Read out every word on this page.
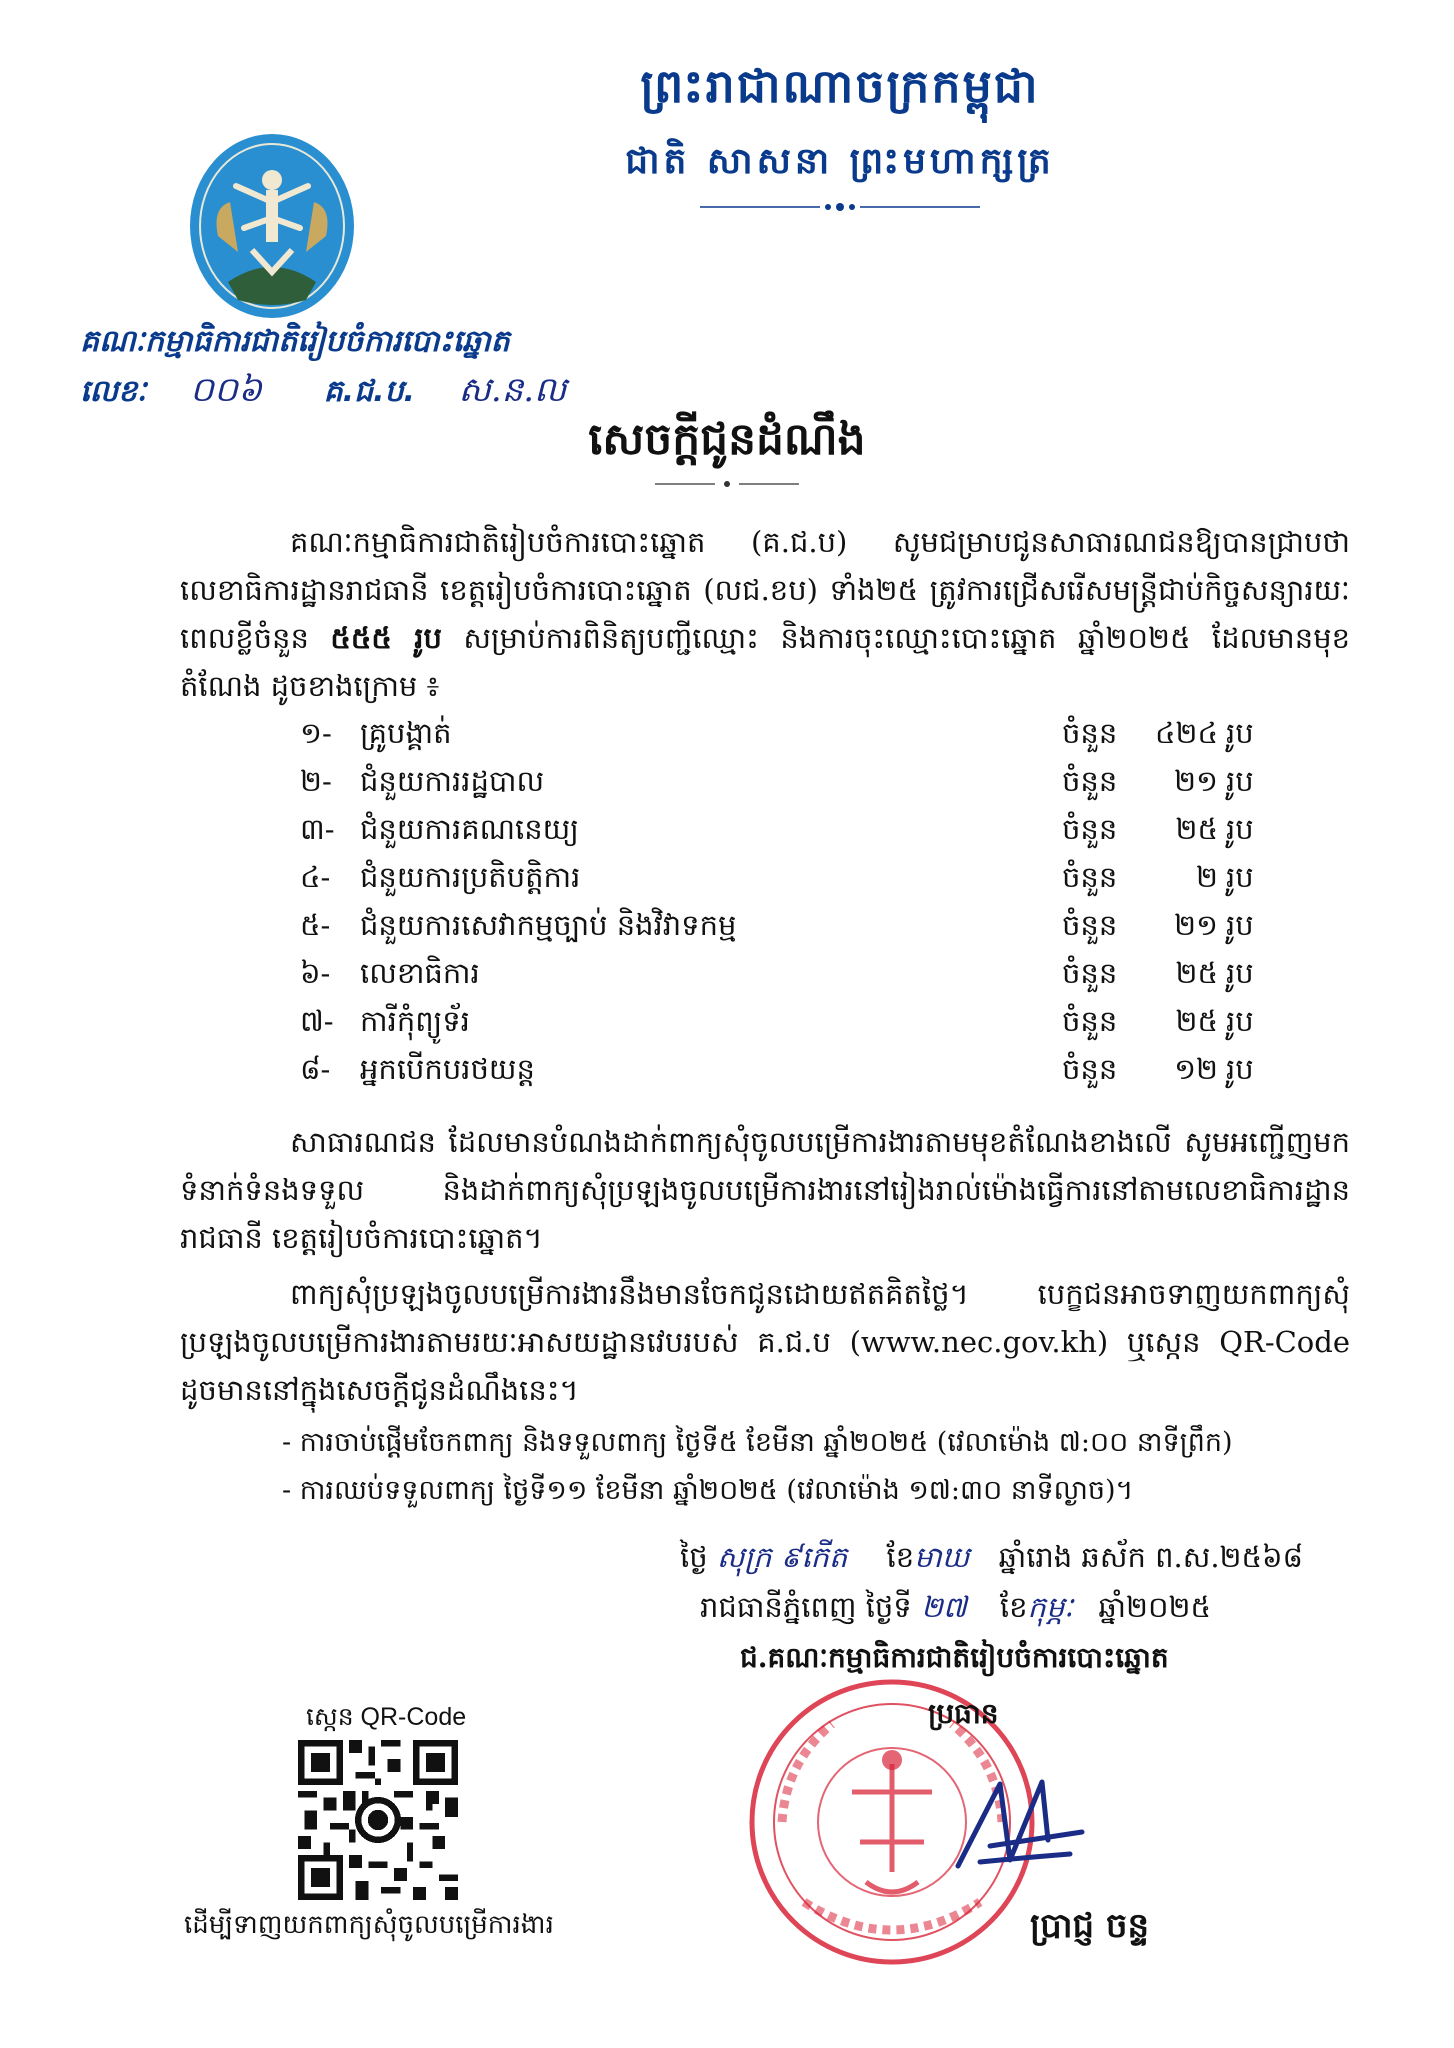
ព្រះរាជាណាចក្រកម្ពុជា
ជាតិ សាសនា ព្រះមហាក្សត្រ
គណៈកម្មាធិការជាតិរៀបចំការបោះឆ្នោត
លេខៈ ០០៦ គ.ជ.ប. ស.ន.ល
សេចក្តីជូនដំណឹង
គណៈកម្មាធិការជាតិរៀបចំការបោះឆ្នោត (គ.ជ.ប) សូមជម្រាបជូនសាធារណជនឱ្យបានជ្រាបថា លេខាធិការដ្ឋានរាជធានី ខេត្តរៀបចំការបោះឆ្នោត (លជ.ខប) ទាំង២៥ ត្រូវការជ្រើសរើសមន្ត្រីជាប់កិច្ចសន្យារយៈពេលខ្លីចំនួន ៥៥៥ រូប សម្រាប់ការពិនិត្យបញ្ជីឈ្មោះ និងការចុះឈ្មោះបោះឆ្នោត ឆ្នាំ២០២៥ ដែលមានមុខតំណែង ដូចខាងក្រោម ៖
១- គ្រូបង្គាត់	ចំនួន ៤២៤ រូប
២- ជំនួយការរដ្ឋបាល	ចំនួន ២១ រូប
៣- ជំនួយការគណនេយ្យ	ចំនួន ២៥ រូប
៤-	ជំនួយការប្រតិបត្តិការ	ចំនួន	២ រូប
៥-	ជំនួយការសេវាកម្មច្បាប់ និងវិវាទកម្ម	ចំនួន ២១ រូប
៦-	លេខាធិការ	ចំនួន ២៥ រូប
៧- ការីកុំព្យូទ័រ	ចំនួន ២៥ រូប
៨-	អ្នកបើកបរថយន្ត	ចំនួន ១២ រូប
សាធារណជន ដែលមានបំណងដាក់ពាក្យសុំចូលបម្រើការងារតាមមុខតំណែងខាងលើ សូមអញ្ជើញមកទំនាក់ទំនងទទួល និងដាក់ពាក្យសុំប្រឡងចូលបម្រើការងារនៅរៀងរាល់ម៉ោងធ្វើការនៅតាមលេខាធិការដ្ឋានរាជធានី ខេត្តរៀបចំការបោះឆ្នោត។
ពាក្យសុំប្រឡងចូលបម្រើការងារនឹងមានចែកជូនដោយឥតគិតថ្លៃ។ បេក្ខជនអាចទាញយកពាក្យសុំប្រឡងចូលបម្រើការងារតាមរយៈអាសយដ្ឋានវេបរបស់ គ.ជ.ប (www.nec.gov.kh) ឬស្កេន QR-Code ដូចមាននៅក្នុងសេចក្តីជូនដំណឹងនេះ។
- ការចាប់ផ្តើមចែកពាក្យ និងទទួលពាក្យ ថ្ងៃទី៥ ខែមីនា ឆ្នាំ២០២៥ (វេលាម៉ោង ៧:០០ នាទីព្រឹក)
- ការឈប់ទទួលពាក្យ ថ្ងៃទី១១ ខែមីនា ឆ្នាំ២០២៥ (វេលាម៉ោង ១៧:៣០ នាទីល្ងាច)។
ថ្ងៃ សុក្រ ៩កើត ខែមាឃ ឆ្នាំរោង ឆស័ក ព.ស.២៥៦៨
រាជធានីភ្នំពេញ ថ្ងៃទី ២៧ ខែកុម្ភៈ ឆ្នាំ២០២៥
ជ.គណៈកម្មាធិការជាតិរៀបចំការបោះឆ្នោត
ប្រធាន
ប្រាជ្ញ ចន្ទ
ស្កេន QR-Code
ដើម្បីទាញយកពាក្យសុំចូលបម្រើការងារ
